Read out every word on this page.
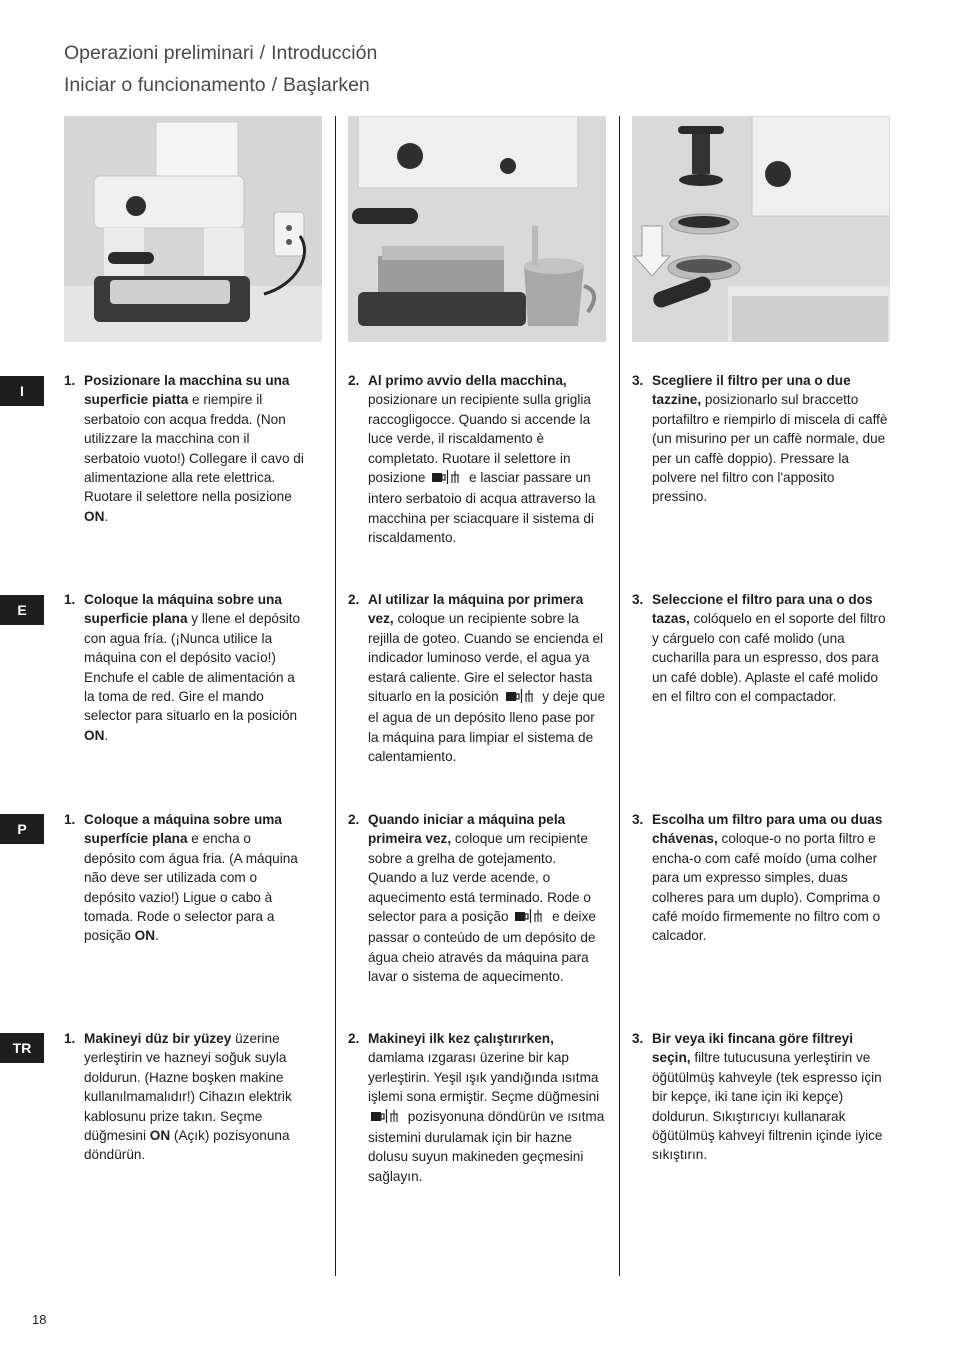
Operazioni preliminari / Introducción
Iniciar o funcionamento / Başlarken
I
E
P
TR
1. Posizionare la macchina su una superficie piatta e riempire il serbatoio con acqua fredda. (Non utilizzare la macchina con il serbatoio vuoto!) Collegare il cavo di alimentazione alla rete elettrica. Ruotare il selettore nella posizione ON.
2. Al primo avvio della macchina, posizionare un recipiente sulla griglia raccogligocce. Quando si accende la luce verde, il riscaldamento è completato. Ruotare il selettore in posizione	e lasciar passare un intero serbatoio di acqua attraverso la macchina per sciacquare il sistema di riscaldamento.
3. Scegliere il filtro per una o due tazzine, posizionarlo sul braccetto portafiltro e riempirlo di miscela di caffè (un misurino per un caffè normale, due per un caffè doppio). Pressare la polvere nel filtro con l'apposito pressino.
1. Coloque la máquina sobre una superficie plana y llene el depósito con agua fría. (¡Nunca utilice la máquina con el depósito vacío!) Enchufe el cable de alimentación a la toma de red. Gire el mando selector para situarlo en la posición ON.
2. Al utilizar la máquina por primera vez, coloque un recipiente sobre la rejilla de goteo. Cuando se encienda el indicador luminoso verde, el agua ya estará caliente. Gire el selector hasta situarlo en la posición	y deje que el agua de un depósito lleno pase por la máquina para limpiar el sistema de calentamiento.
3. Seleccione el filtro para una o dos tazas, colóquelo en el soporte del filtro y cárguelo con café molido (una cucharilla para un espresso, dos para un café doble). Aplaste el café molido en el filtro con el compactador.
1. Coloque a máquina sobre uma superfície plana e encha o depósito com água fria. (A máquina não deve ser utilizada com o depósito vazio!) Ligue o cabo à tomada. Rode o selector para a posição ON.
2. Quando iniciar a máquina pela primeira vez, coloque um recipiente sobre a grelha de gotejamento. Quando a luz verde acende, o aquecimento está terminado. Rode o selector para a posição	e deixe passar o conteúdo de um depósito de água cheio através da máquina para lavar o sistema de aquecimento.
3. Escolha um filtro para uma ou duas chávenas, coloque-o no porta filtro e encha-o com café moído (uma colher para um expresso simples, duas colheres para um duplo). Comprima o café moído firmemente no filtro com o calcador.
1. Makineyi düz bir yüzey üzerine yerleştirin ve hazneyi soğuk suyla doldurun. (Hazne boşken makine kullanılmamalıdır!) Cihazın elektrik kablosunu prize takın. Seçme düğmesini ON (Açık) pozisyonuna döndürün.
2. Makineyi ilk kez çalıştırırken, damlama ızgarası üzerine bir kap yerleştirin. Yeşil ışık yandığında ısıtma işlemi sona ermiştir. Seçme düğmesini  pozisyonuna döndürün ve ısıtma sistemini durulamak için bir hazne dolusu suyun makineden geçmesini sağlayın.
3. Bir veya iki fincana göre filtreyi seçin, filtre tutucusuna yerleştirin ve öğütülmüş kahveyle (tek espresso için bir kepçe, iki tane için iki kepçe) doldurun. Sıkıştırıcıyı kullanarak öğütülmüş kahveyi filtrenin içinde iyice sıkıştırın.
18
